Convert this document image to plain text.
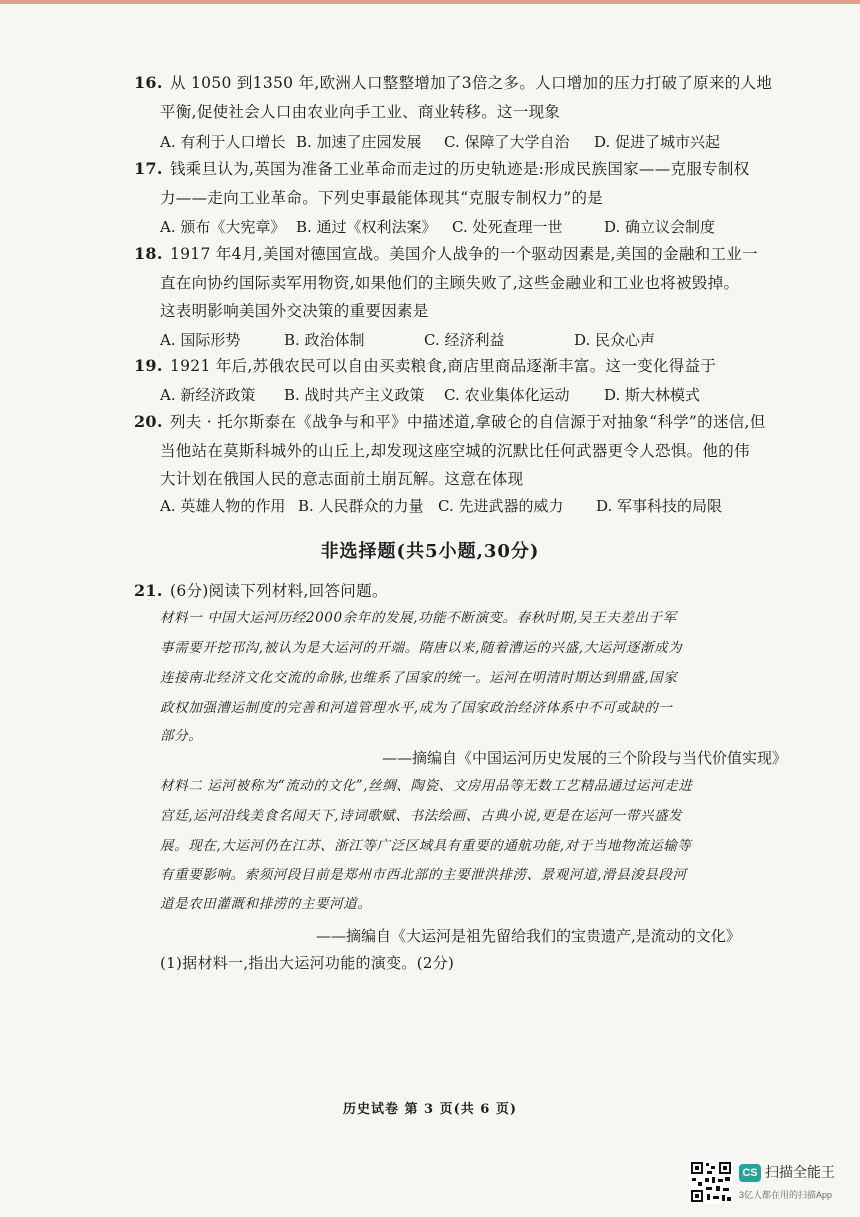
16. 从 1050 到1350 年,欧洲人口整整增加了3倍之多。人口增加的压力打破了原来的人地
平衡,促使社会人口由农业向手工业、商业转移。这一现象
A. 有利于人口增长 B. 加速了庄园发展 C. 保障了大学自治 D. 促进了城市兴起
17. 钱乘旦认为,英国为准备工业革命而走过的历史轨迹是:形成民族国家——克服专制权
力——走向工业革命。下列史事最能体现其“克服专制权力”的是
A. 颁布《大宪章》 B. 通过《权利法案》 C. 处死查理一世	D. 确立议会制度
18. 1917 年4月,美国对德国宣战。美国介人战争的一个驱动因素是,美国的金融和工业一
直在向协约国际卖军用物资,如果他们的主顾失败了,这些金融业和工业也将被毁掉。
这表明影响美国外交决策的重要因素是
A. 国际形势	B. 政治体制	C. 经济利益	D. 民众心声
19. 1921 年后,苏俄农民可以自由买卖粮食,商店里商品逐渐丰富。这一变化得益于
A. 新经济政策 B. 战时共产主义政策 C. 农业集体化运动 D. 斯大林模式
20. 列夫 · 托尔斯泰在《战争与和平》中描述道,拿破仑的自信源于对抽象“科学”的迷信,但
当他站在莫斯科城外的山丘上,却发现这座空城的沉默比任何武器更令人恐惧。他的伟
大计划在俄国人民的意志面前土崩瓦解。这意在体现
A. 英雄人物的作用 B. 人民群众的力量 C. 先进武器的威力 D. 军事科技的局限
非选择题(共5小题,30分)
21. (6分)阅读下列材料,回答问题。
材料一 中国大运河历经2000余年的发展,功能不断演变。春秋时期,吴王夫差出于军
事需要开挖邗沟,被认为是大运河的开端。隋唐以来,随着漕运的兴盛,大运河逐渐成为
连接南北经济文化交流的命脉,也维系了国家的统一。运河在明清时期达到鼎盛,国家
政权加强漕运制度的完善和河道管理水平,成为了国家政治经济体系中不可或缺的一
部分。
——摘编自《中国运河历史发展的三个阶段与当代价值实现》
材料二 运河被称为“流动的文化”,丝绸、陶瓷、文房用品等无数工艺精品通过运河走进
宫廷,运河沿线美食名闻天下,诗词歌赋、书法绘画、古典小说,更是在运河一带兴盛发
展。现在,大运河仍在江苏、浙江等广泛区域具有重要的通航功能,对于当地物流运输等
有重要影响。索须河段目前是郑州市西北部的主要泄洪排涝、景观河道,滑县浚县段河
道是农田灌溉和排涝的主要河道。
——摘编自《大运河是祖先留给我们的宝贵遗产,是流动的文化》
(1)据材料一,指出大运河功能的演变。(2分)
历史试卷 第 3 页(共 6 页)
CS 扫描全能王
3亿人都在用的扫描App
